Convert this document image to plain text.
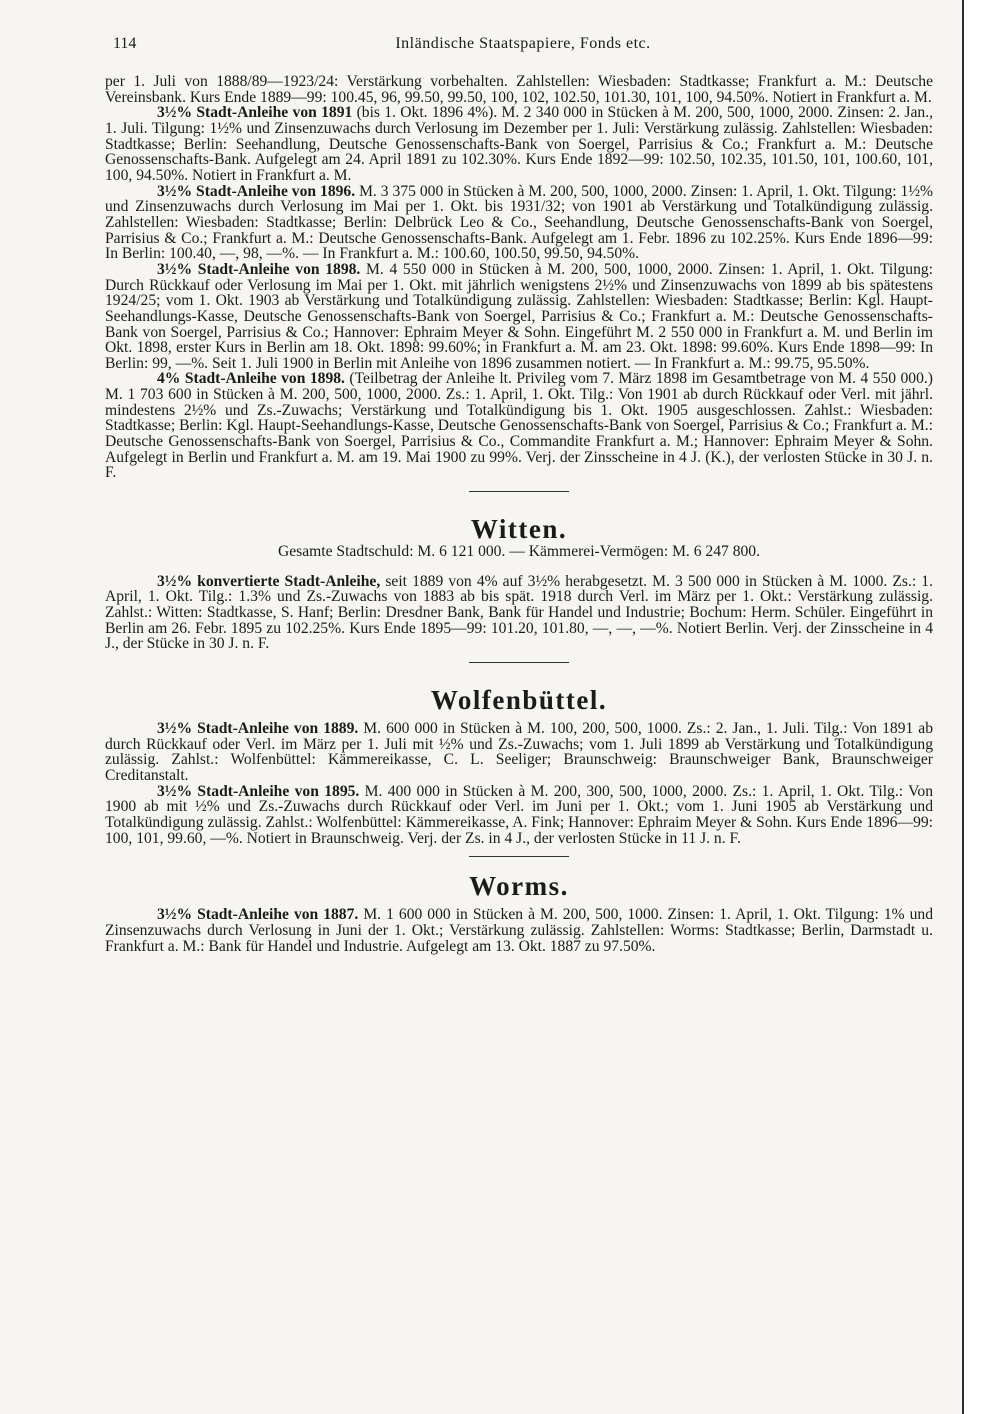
114	Inländische Staatspapiere, Fonds etc.

per 1. Juli von 1888/89—1923/24: Verstärkung vorbehalten. Zahlstellen: Wiesbaden: Stadtkasse; Frankfurt a. M.: Deutsche Vereinsbank. Kurs Ende 1889—99: 100.45, 96, 99.50, 99.50, 100, 102, 102.50, 101.30, 101, 100, 94.50%. Notiert in Frankfurt a. M.

3½% Stadt-Anleihe von 1891 (bis 1. Okt. 1896 4%). M. 2 340 000 in Stücken à M. 200, 500, 1000, 2000. Zinsen: 2. Jan., 1. Juli. Tilgung: 1½% und Zinsenzuwachs durch Verlosung im Dezember per 1. Juli: Verstärkung zulässig. Zahlstellen: Wiesbaden: Stadtkasse; Berlin: Seehandlung, Deutsche Genossenschafts-Bank von Soergel, Parrisius & Co.; Frankfurt a. M.: Deutsche Genossenschafts-Bank. Aufgelegt am 24. April 1891 zu 102.30%. Kurs Ende 1892—99: 102.50, 102.35, 101.50, 101, 100.60, 101, 100, 94.50%. Notiert in Frankfurt a. M.

3½% Stadt-Anleihe von 1896. M. 3 375 000 in Stücken à M. 200, 500, 1000, 2000. Zinsen: 1. April, 1. Okt. Tilgung: 1½% und Zinsenzuwachs durch Verlosung im Mai per 1. Okt. bis 1931/32; von 1901 ab Verstärkung und Totalkündigung zulässig. Zahlstellen: Wiesbaden: Stadtkasse; Berlin: Delbrück Leo & Co., Seehandlung, Deutsche Genossenschafts-Bank von Soergel, Parrisius & Co.; Frankfurt a. M.: Deutsche Genossenschafts-Bank. Aufgelegt am 1. Febr. 1896 zu 102.25%. Kurs Ende 1896—99: In Berlin: 100.40, —, 98, —%. — In Frankfurt a. M.: 100.60, 100.50, 99.50, 94.50%.

3½% Stadt-Anleihe von 1898. M. 4 550 000 in Stücken à M. 200, 500, 1000, 2000. Zinsen: 1. April, 1. Okt. Tilgung: Durch Rückkauf oder Verlosung im Mai per 1. Okt. mit jährlich wenigstens 2½% und Zinsenzuwachs von 1899 ab bis spätestens 1924/25; vom 1. Okt. 1903 ab Verstärkung und Totalkündigung zulässig. Zahlstellen: Wiesbaden: Stadtkasse; Berlin: Kgl. Haupt-Seehandlungs-Kasse, Deutsche Genossenschafts-Bank von Soergel, Parrisius & Co.; Frankfurt a. M.: Deutsche Genossenschafts-Bank von Soergel, Parrisius & Co.; Hannover: Ephraim Meyer & Sohn. Eingeführt M. 2 550 000 in Frankfurt a. M. und Berlin im Okt. 1898, erster Kurs in Berlin am 18. Okt. 1898: 99.60%; in Frankfurt a. M. am 23. Okt. 1898: 99.60%. Kurs Ende 1898—99: In Berlin: 99, —%. Seit 1. Juli 1900 in Berlin mit Anleihe von 1896 zusammen notiert. — In Frankfurt a. M.: 99.75, 95.50%.

4% Stadt-Anleihe von 1898. (Teilbetrag der Anleihe lt. Privileg vom 7. März 1898 im Gesamtbetrage von M. 4 550 000.) M. 1 703 600 in Stücken à M. 200, 500, 1000, 2000. Zs.: 1. April, 1. Okt. Tilg.: Von 1901 ab durch Rückkauf oder Verl. mit jährl. mindestens 2½% und Zs.-Zuwachs; Verstärkung und Totalkündigung bis 1. Okt. 1905 ausgeschlossen. Zahlst.: Wiesbaden: Stadtkasse; Berlin: Kgl. Haupt-Seehandlungs-Kasse, Deutsche Genossenschafts-Bank von Soergel, Parrisius & Co.; Frankfurt a. M.: Deutsche Genossenschafts-Bank von Soergel, Parrisius & Co., Commandite Frankfurt a. M.; Hannover: Ephraim Meyer & Sohn. Aufgelegt in Berlin und Frankfurt a. M. am 19. Mai 1900 zu 99%. Verj. der Zinsscheine in 4 J. (K.), der verlosten Stücke in 30 J. n. F.

Witten.

Gesamte Stadtschuld: M. 6 121 000. — Kämmerei-Vermögen: M. 6 247 800.

3½% konvertierte Stadt-Anleihe, seit 1889 von 4% auf 3½% herabgesetzt. M. 3 500 000 in Stücken à M. 1000. Zs.: 1. April, 1. Okt. Tilg.: 1.3% und Zs.-Zuwachs von 1883 ab bis spät. 1918 durch Verl. im März per 1. Okt.: Verstärkung zulässig. Zahlst.: Witten: Stadtkasse, S. Hanf; Berlin: Dresdner Bank, Bank für Handel und Industrie; Bochum: Herm. Schüler. Eingeführt in Berlin am 26. Febr. 1895 zu 102.25%. Kurs Ende 1895—99: 101.20, 101.80, —, —, —%. Notiert Berlin. Verj. der Zinsscheine in 4 J., der Stücke in 30 J. n. F.

Wolfenbüttel.

3½% Stadt-Anleihe von 1889. M. 600 000 in Stücken à M. 100, 200, 500, 1000. Zs.: 2. Jan., 1. Juli. Tilg.: Von 1891 ab durch Rückkauf oder Verl. im März per 1. Juli mit ½% und Zs.-Zuwachs; vom 1. Juli 1899 ab Verstärkung und Totalkündigung zulässig. Zahlst.: Wolfenbüttel: Kämmereikasse, C. L. Seeliger; Braunschweig: Braunschweiger Bank, Braunschweiger Creditanstalt.

3½% Stadt-Anleihe von 1895. M. 400 000 in Stücken à M. 200, 300, 500, 1000, 2000. Zs.: 1. April, 1. Okt. Tilg.: Von 1900 ab mit ½% und Zs.-Zuwachs durch Rückkauf oder Verl. im Juni per 1. Okt.; vom 1. Juni 1905 ab Verstärkung und Totalkündigung zulässig. Zahlst.: Wolfenbüttel: Kämmereikasse, A. Fink; Hannover: Ephraim Meyer & Sohn. Kurs Ende 1896—99: 100, 101, 99.60, —%. Notiert in Braunschweig. Verj. der Zs. in 4 J., der verlosten Stücke in 11 J. n. F.

Worms.

3½% Stadt-Anleihe von 1887. M. 1 600 000 in Stücken à M. 200, 500, 1000. Zinsen: 1. April, 1. Okt. Tilgung: 1% und Zinsenzuwachs durch Verlosung in Juni der 1. Okt.; Verstärkung zulässig. Zahlstellen: Worms: Stadtkasse; Berlin, Darmstadt u. Frankfurt a. M.: Bank für Handel und Industrie. Aufgelegt am 13. Okt. 1887 zu 97.50%.
